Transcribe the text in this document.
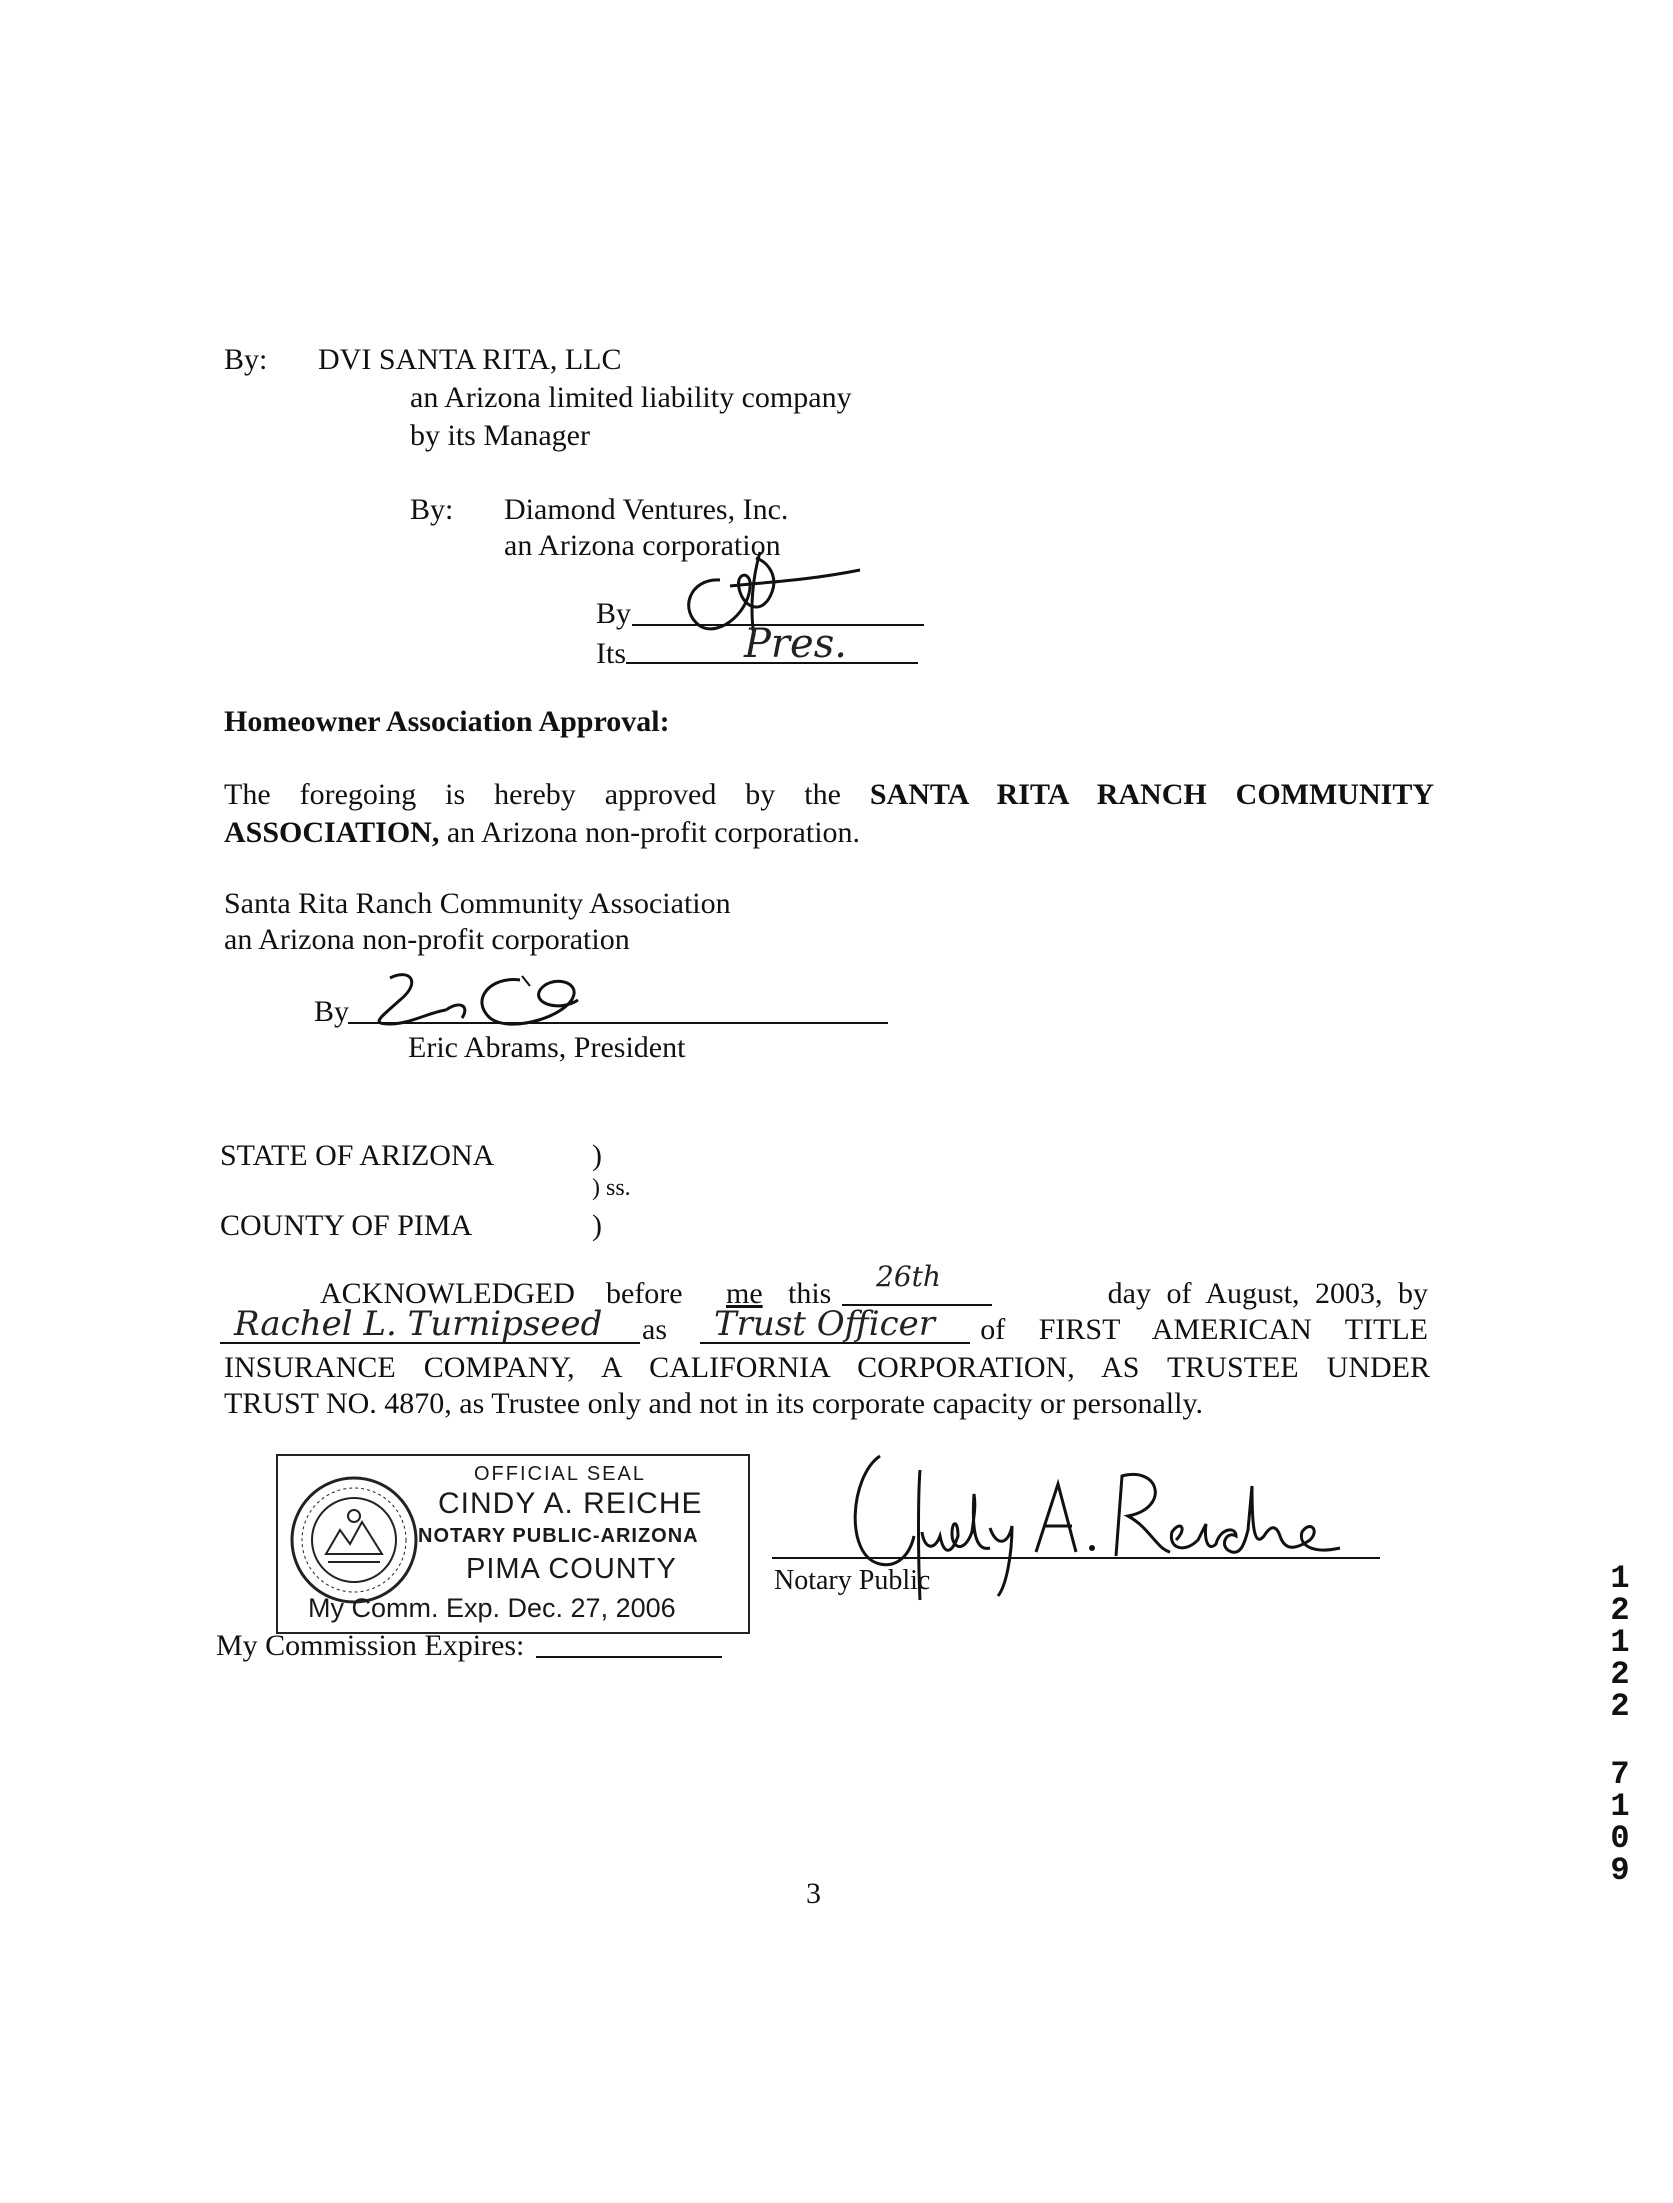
By: DVI SANTA RITA, LLC
an Arizona limited liability company
by its Manager
By: Diamond Ventures, Inc.
an Arizona corporation
By
Its	Pres.
Homeowner Association Approval:
The foregoing is hereby approved by the SANTA RITA RANCH COMMUNITY ASSOCIATION, an Arizona non-profit corporation.
Santa Rita Ranch Community Association
an Arizona non-profit corporation
By
Eric Abrams, President
STATE OF ARIZONA	)
) ss.
COUNTY OF PIMA	)
ACKNOWLEDGED before me this
26th
day of August, 2003, by
Rachel L. Turnipseed as Trust Officer of FIRST AMERICAN TITLE
INSURANCE COMPANY, A CALIFORNIA CORPORATION, AS TRUSTEE UNDER
TRUST NO. 4870, as Trustee only and not in its corporate capacity or personally.
OFFICIAL SEAL
CINDY A. REICHE
NOTARY PUBLIC-ARIZONA
PIMA COUNTY
My Comm. Exp. Dec. 27, 2006
Notary Public
My Commission Expires:
3
1
2
1
2
2
7
1
0
9
